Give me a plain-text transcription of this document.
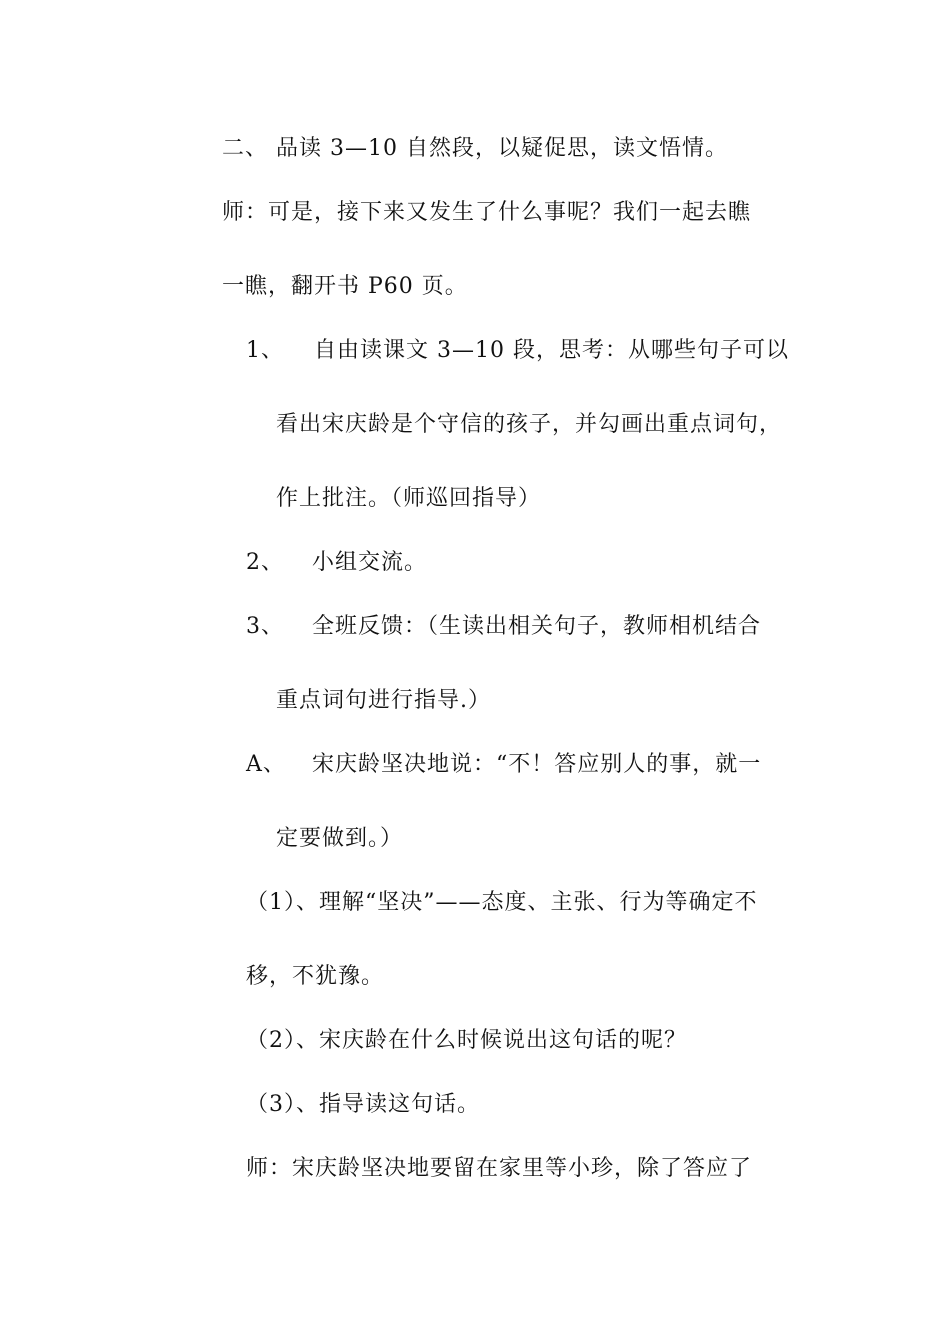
二、 品读 3—10 自然段，以疑促思，读文悟情。
师：可是，接下来又发生了什么事呢？我们一起去瞧
一瞧，翻开书 P60 页。
1、 自由读课文 3—10 段，思考：从哪些句子可以
看出宋庆龄是个守信的孩子，并勾画出重点词句，
作上批注。（师巡回指导）
2、 小组交流。
3、 全班反馈：（生读出相关句子，教师相机结合
重点词句进行指导.）
A、 宋庆龄坚决地说：“不！答应别人的事，就一
定要做到。）
（1）、理解“坚决”——态度、主张、行为等确定不
移，不犹豫。
（2）、宋庆龄在什么时候说出这句话的呢？
（3）、指导读这句话。
师：宋庆龄坚决地要留在家里等小珍，除了答应了
